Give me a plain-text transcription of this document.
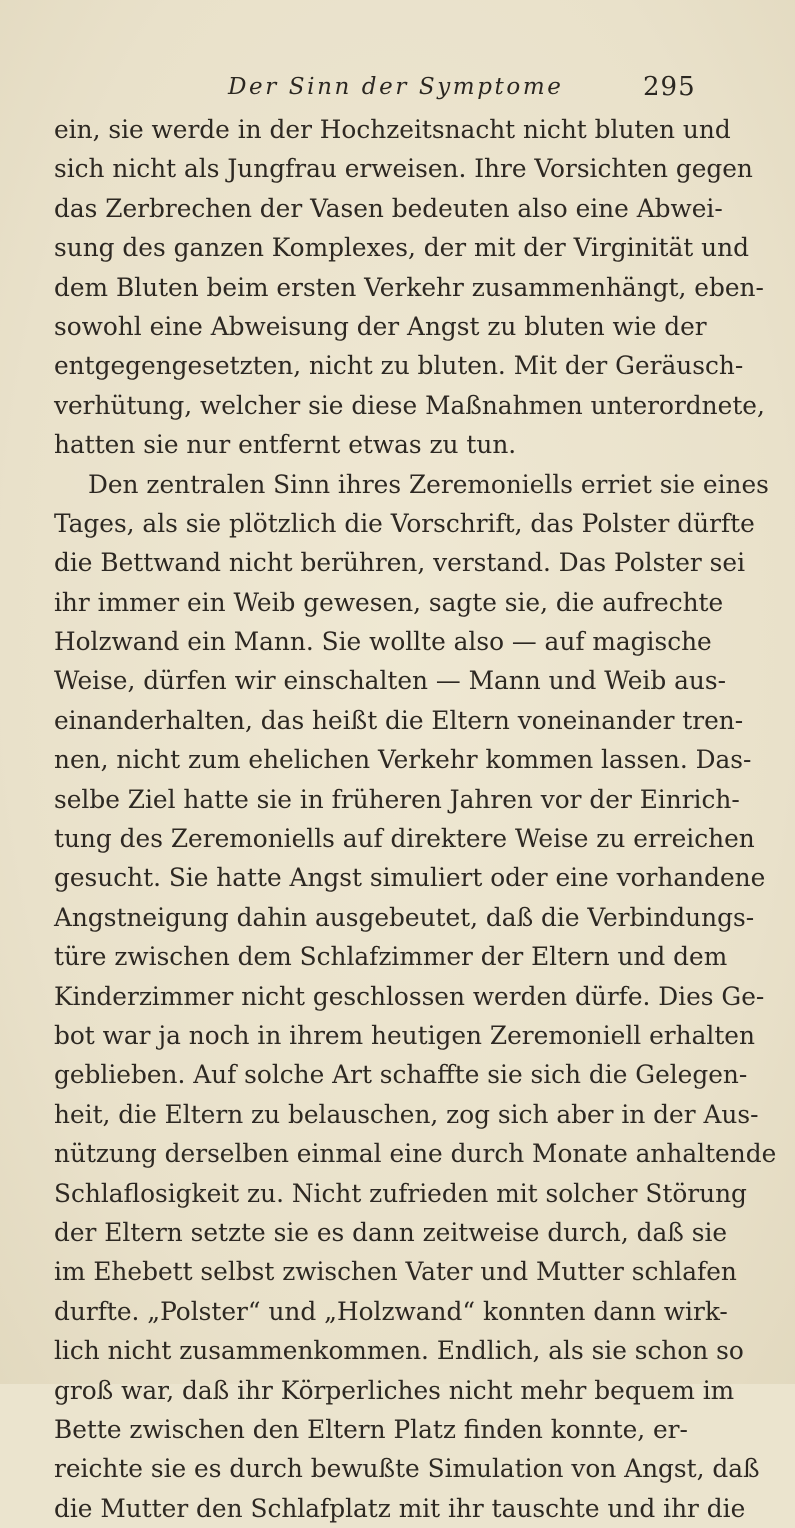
Der Sinn der Symptome	295
ein, sie werde in der Hochzeitsnacht nicht bluten und
sich nicht als Jungfrau erweisen. Ihre Vorsichten gegen
das Zerbrechen der Vasen bedeuten also eine Abwei-
sung des ganzen Komplexes, der mit der Virginität und
dem Bluten beim ersten Verkehr zusammenhängt, eben-
sowohl eine Abweisung der Angst zu bluten wie der
entgegengesetzten, nicht zu bluten. Mit der Geräusch-
verhütung, welcher sie diese Maßnahmen unterordnete,
hatten sie nur entfernt etwas zu tun.
Den zentralen Sinn ihres Zeremoniells erriet sie eines
Tages, als sie plötzlich die Vorschrift, das Polster dürfte
die Bettwand nicht berühren, verstand. Das Polster sei
ihr immer ein Weib gewesen, sagte sie, die aufrechte
Holzwand ein Mann. Sie wollte also — auf magische
Weise, dürfen wir einschalten — Mann und Weib aus-
einanderhalten, das heißt die Eltern voneinander tren-
nen, nicht zum ehelichen Verkehr kommen lassen. Das-
selbe Ziel hatte sie in früheren Jahren vor der Einrich-
tung des Zeremoniells auf direktere Weise zu erreichen
gesucht. Sie hatte Angst simuliert oder eine vorhandene
Angstneigung dahin ausgebeutet, daß die Verbindungs-
türe zwischen dem Schlafzimmer der Eltern und dem
Kinderzimmer nicht geschlossen werden dürfe. Dies Ge-
bot war ja noch in ihrem heutigen Zeremoniell erhalten
geblieben. Auf solche Art schaffte sie sich die Gelegen-
heit, die Eltern zu belauschen, zog sich aber in der Aus-
nützung derselben einmal eine durch Monate anhaltende
Schlaflosigkeit zu. Nicht zufrieden mit solcher Störung
der Eltern setzte sie es dann zeitweise durch, daß sie
im Ehebett selbst zwischen Vater und Mutter schlafen
durfte. „Polster“ und „Holzwand“ konnten dann wirk-
lich nicht zusammenkommen. Endlich, als sie schon so
groß war, daß ihr Körperliches nicht mehr bequem im
Bette zwischen den Eltern Platz finden konnte, er-
reichte sie es durch bewußte Simulation von Angst, daß
die Mutter den Schlafplatz mit ihr tauschte und ihr die
